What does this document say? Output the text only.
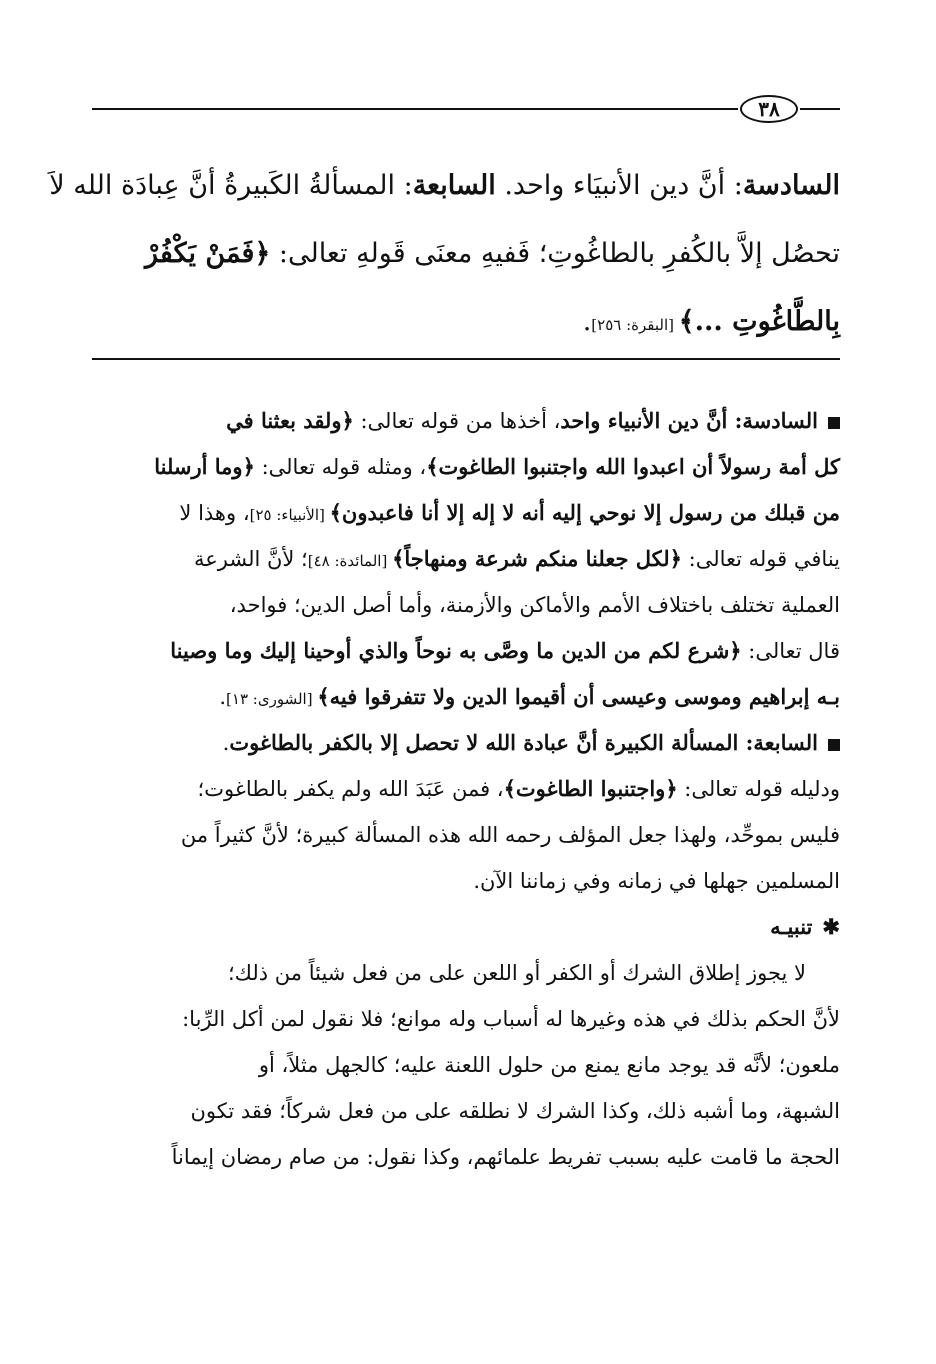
٣٨
السادسة: أنَّ دين الأنبيَاء واحد. السابعة: المسألةُ الكَبيرةُ أنَّ عِبادَة الله لاَ
تحصُل إلاَّ بالكُفرِ بالطاغُوتِ؛ فَفيهِ معنَى قَولهِ تعالى: ﴿فَمَنْ يَكْفُرْ
بِالطَّاغُوتِ ...﴾ [البقرة: ٢٥٦].
السادسة: أنَّ دين الأنبياء واحد، أخذها من قوله تعالى: ﴿ولقد بعثنا في
كل أمة رسولاً أن اعبدوا الله واجتنبوا الطاغوت﴾، ومثله قوله تعالى: ﴿وما أرسلنا
من قبلك من رسول إلا نوحي إليه أنه لا إله إلا أنا فاعبدون﴾ [الأنبياء: ٢٥]، وهذا لا
ينافي قوله تعالى: ﴿لكل جعلنا منكم شرعة ومنهاجاً﴾ [المائدة: ٤٨]؛ لأنَّ الشرعة
العملية تختلف باختلاف الأمم والأماكن والأزمنة، وأما أصل الدين؛ فواحد،
قال تعالى: ﴿شرع لكم من الدين ما وصَّى به نوحاً والذي أوحينا إليك وما وصينا
بـه إبراهيم وموسى وعيسى أن أقيموا الدين ولا تتفرقوا فيه﴾ [الشورى: ١٣].
السابعة: المسألة الكبيرة أنَّ عبادة الله لا تحصل إلا بالكفر بالطاغوت.
ودليله قوله تعالى: ﴿واجتنبوا الطاغوت﴾، فمن عَبَدَ الله ولم يكفر بالطاغوت؛
فليس بموحِّد، ولهذا جعل المؤلف رحمه الله هذه المسألة كبيرة؛ لأنَّ كثيراً من
المسلمين جهلها في زمانه وفي زماننا الآن.
✱تنبيـه
لا يجوز إطلاق الشرك أو الكفر أو اللعن على من فعل شيئاً من ذلك؛
لأنَّ الحكم بذلك في هذه وغيرها له أسباب وله موانع؛ فلا نقول لمن أكل الرِّبا:
ملعون؛ لأنَّه قد يوجد مانع يمنع من حلول اللعنة عليه؛ كالجهل مثلاً، أو
الشبهة، وما أشبه ذلك، وكذا الشرك لا نطلقه على من فعل شركاً؛ فقد تكون
الحجة ما قامت عليه بسبب تفريط علمائهم، وكذا نقول: من صام رمضان إيماناً
